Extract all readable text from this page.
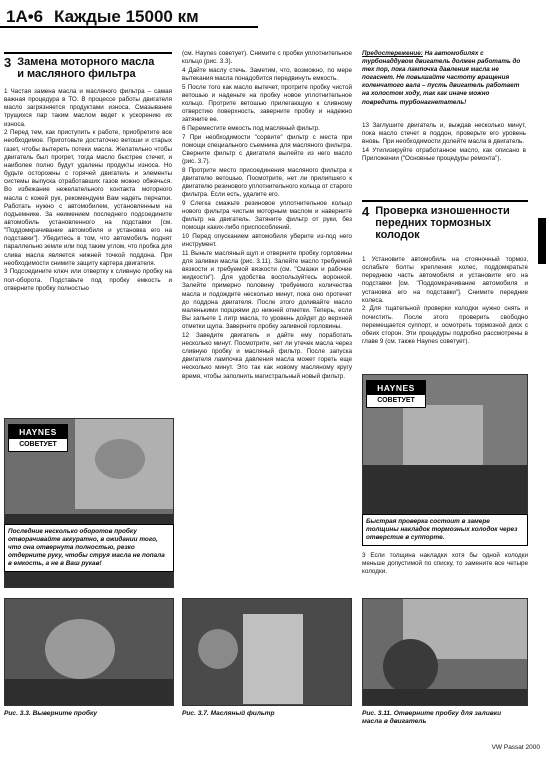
1A•6 Каждые 15000 км
3 Замена моторного масла
и масляного фильтра

1 Частая замена масла и масляного фильтра – самая важная процедура в ТО. В процессе работы двигателя масло загрязняется продуктами износа. Смазывание трущихся пар таким маслом ведет к ускорению их износа.

2 Перед тем, как приступить к работе, приобретите все необходимое. Приготовьте достаточно ветоши и старых газет, чтобы вытереть потеки масла. Желательно чтобы двигатель был прогрет, тогда масло быстрее стечет, и наиболее полно будут удалены продукты износа. Но будьте осторожны с горячей двигатель и элементы системы выпуска отработавших газов можно обжечься. Во избежание нежелательного контакта моторного масла с кожей рук, рекомендуем Вам надеть перчатки. Работать нужно с автомобилем, установленным на подъемнике. За неимением последнего подсоедините автомобиль установленного на подставки [см. "Поддомкрачивание автомобиля и установка его на подставки"]. Убедитесь в том, что автомобиль поднят параллельно земле или под таким углом, что пробка для слива масла является нижней точкой поддона. При необходимости снимите защиту картера двигателя.

3 Подсоедините ключ или отвертку к сливную пробку на пол-оборота. Подставьте под пробку емкость и отверните пробку полностью

(см. Haynes советует). Снимите с пробки уплотнительное кольцо (рис. 3.3).

4 Дайте маслу стечь. Заметим, что, возможно, по мере вытекания масла понадобится передвинуть емкость.

5 После того как масло вытечет, протрите пробку чистой ветошью и наденьте на пробку новое уплотнительное кольцо. Протрите ветошью прилегающую к сливному отверстию поверхность, заверните пробку и надежно затяните ее.

6 Переместите емкость под масляный фильтр.

7 При необходимости "сорвите" фильтр с места при помощи специального съемника для масляного фильтра. Сверните фильтр с двигателя вылейте из него масло (рис. 3.7).

8 Протрите место присоединения масляного фильтра к двигателю ветошью. Посмотрите, нет ли прилипшего к двигателю резинового уплотнительного кольца от старого фильтра. Если есть, удалите его.

9 Слегка смажьте резиновое уплотнительное кольцо нового фильтра чистым моторным маслом и наверните фильтр на двигатель. Затяните фильтр от руки, без помощи каких-либо приспособлений.

10 Перед опусканием автомобиля уберите из-под него инструмент.

11 Выньте масляный щуп и отверните пробку горловины для заливки масла (рис. 3.11). Залейте масло требуемой вязкости и требуемой вязкости (см. "Смазки и рабочие жидкости"). Для удобства воспользуйтесь воронкой. Залейте примерно половину требуемого количества масла и подождите несколько минут, пока оно протечет до поддона двигателя. После этого доливайте масло маленькими порциями до нижней отметки. Теперь, если Вы зальете 1 литр масла, то уровень дойдет до верхней отметки щупа. Заверните пробку заливной горловины.

12 Заведите двигатель и дайте ему поработать несколько минут. Посмотрите, нет ли утечек масла через сливную пробку и масляный фильтр. После запуска двигателя лампочка давления масла может гореть еще несколько минут. Это так как новому масляному кругу время, чтобы заполнить магистральный новый фильтр.

Предостережение: На автомобилях с турбонаддувом двигатель должен работать до тех пор, пока лампочка давления масла не погаснет. Не повышайте частоту вращения коленчатого вала – пусть двигатель работает на холостом ходу, так как иначе можно повредить турбонагнетатель!

13 Заглушите двигатель и, выждав несколько минут, пока масло стечет в поддон, проверьте его уровень вновь. При необходимости долейте масла в двигатель.

14 Утилизируйте отработанное масло, как описано в Приложении ("Основные процедуры ремонта").

4 Проверка изношенности
передних тормозных
колодок

1 Установите автомобиль на стояночный тормоз, ослабьте болты крепления колес, поддомкратьте переднюю часть автомобиля и установите его на подставки [см. "Поддомкрачивание автомобиля и установка его на подставки"]. Снимите передние колеса.

2 Для тщательной проверки колодки нужно снять и почистить. После этого проверить свободно перемещается суппорт, и осмотреть тормозной диск с обеих сторон. Эти процедуры подробно рассмотрены в главе 9 (см. также Haynes советует).

HAYNES
СОВЕТУЕТ
Последние несколько оборотов пробку отворачивайте аккуратно, в ожидании того, что она отвернута полностью, резко отдерните руку, чтобы струя масла не попала в емкость, а не в Ваш рукав!
HAYNES
СОВЕТУЕТ
Быстрая проверка состоит в замере толщины накладок тормозных колодок через отверстие в суппорте.

3 Если толщина накладки хотя бы одной колодки меньше допустимой по списку, то замените все четыре колодки.

Рис. 3.3. Выверните пробку	Рис. 3.7. Масляный фильтр	Рис. 3.11. Отверните пробку для заливки
масла в двигатель
VW Passat 2000
